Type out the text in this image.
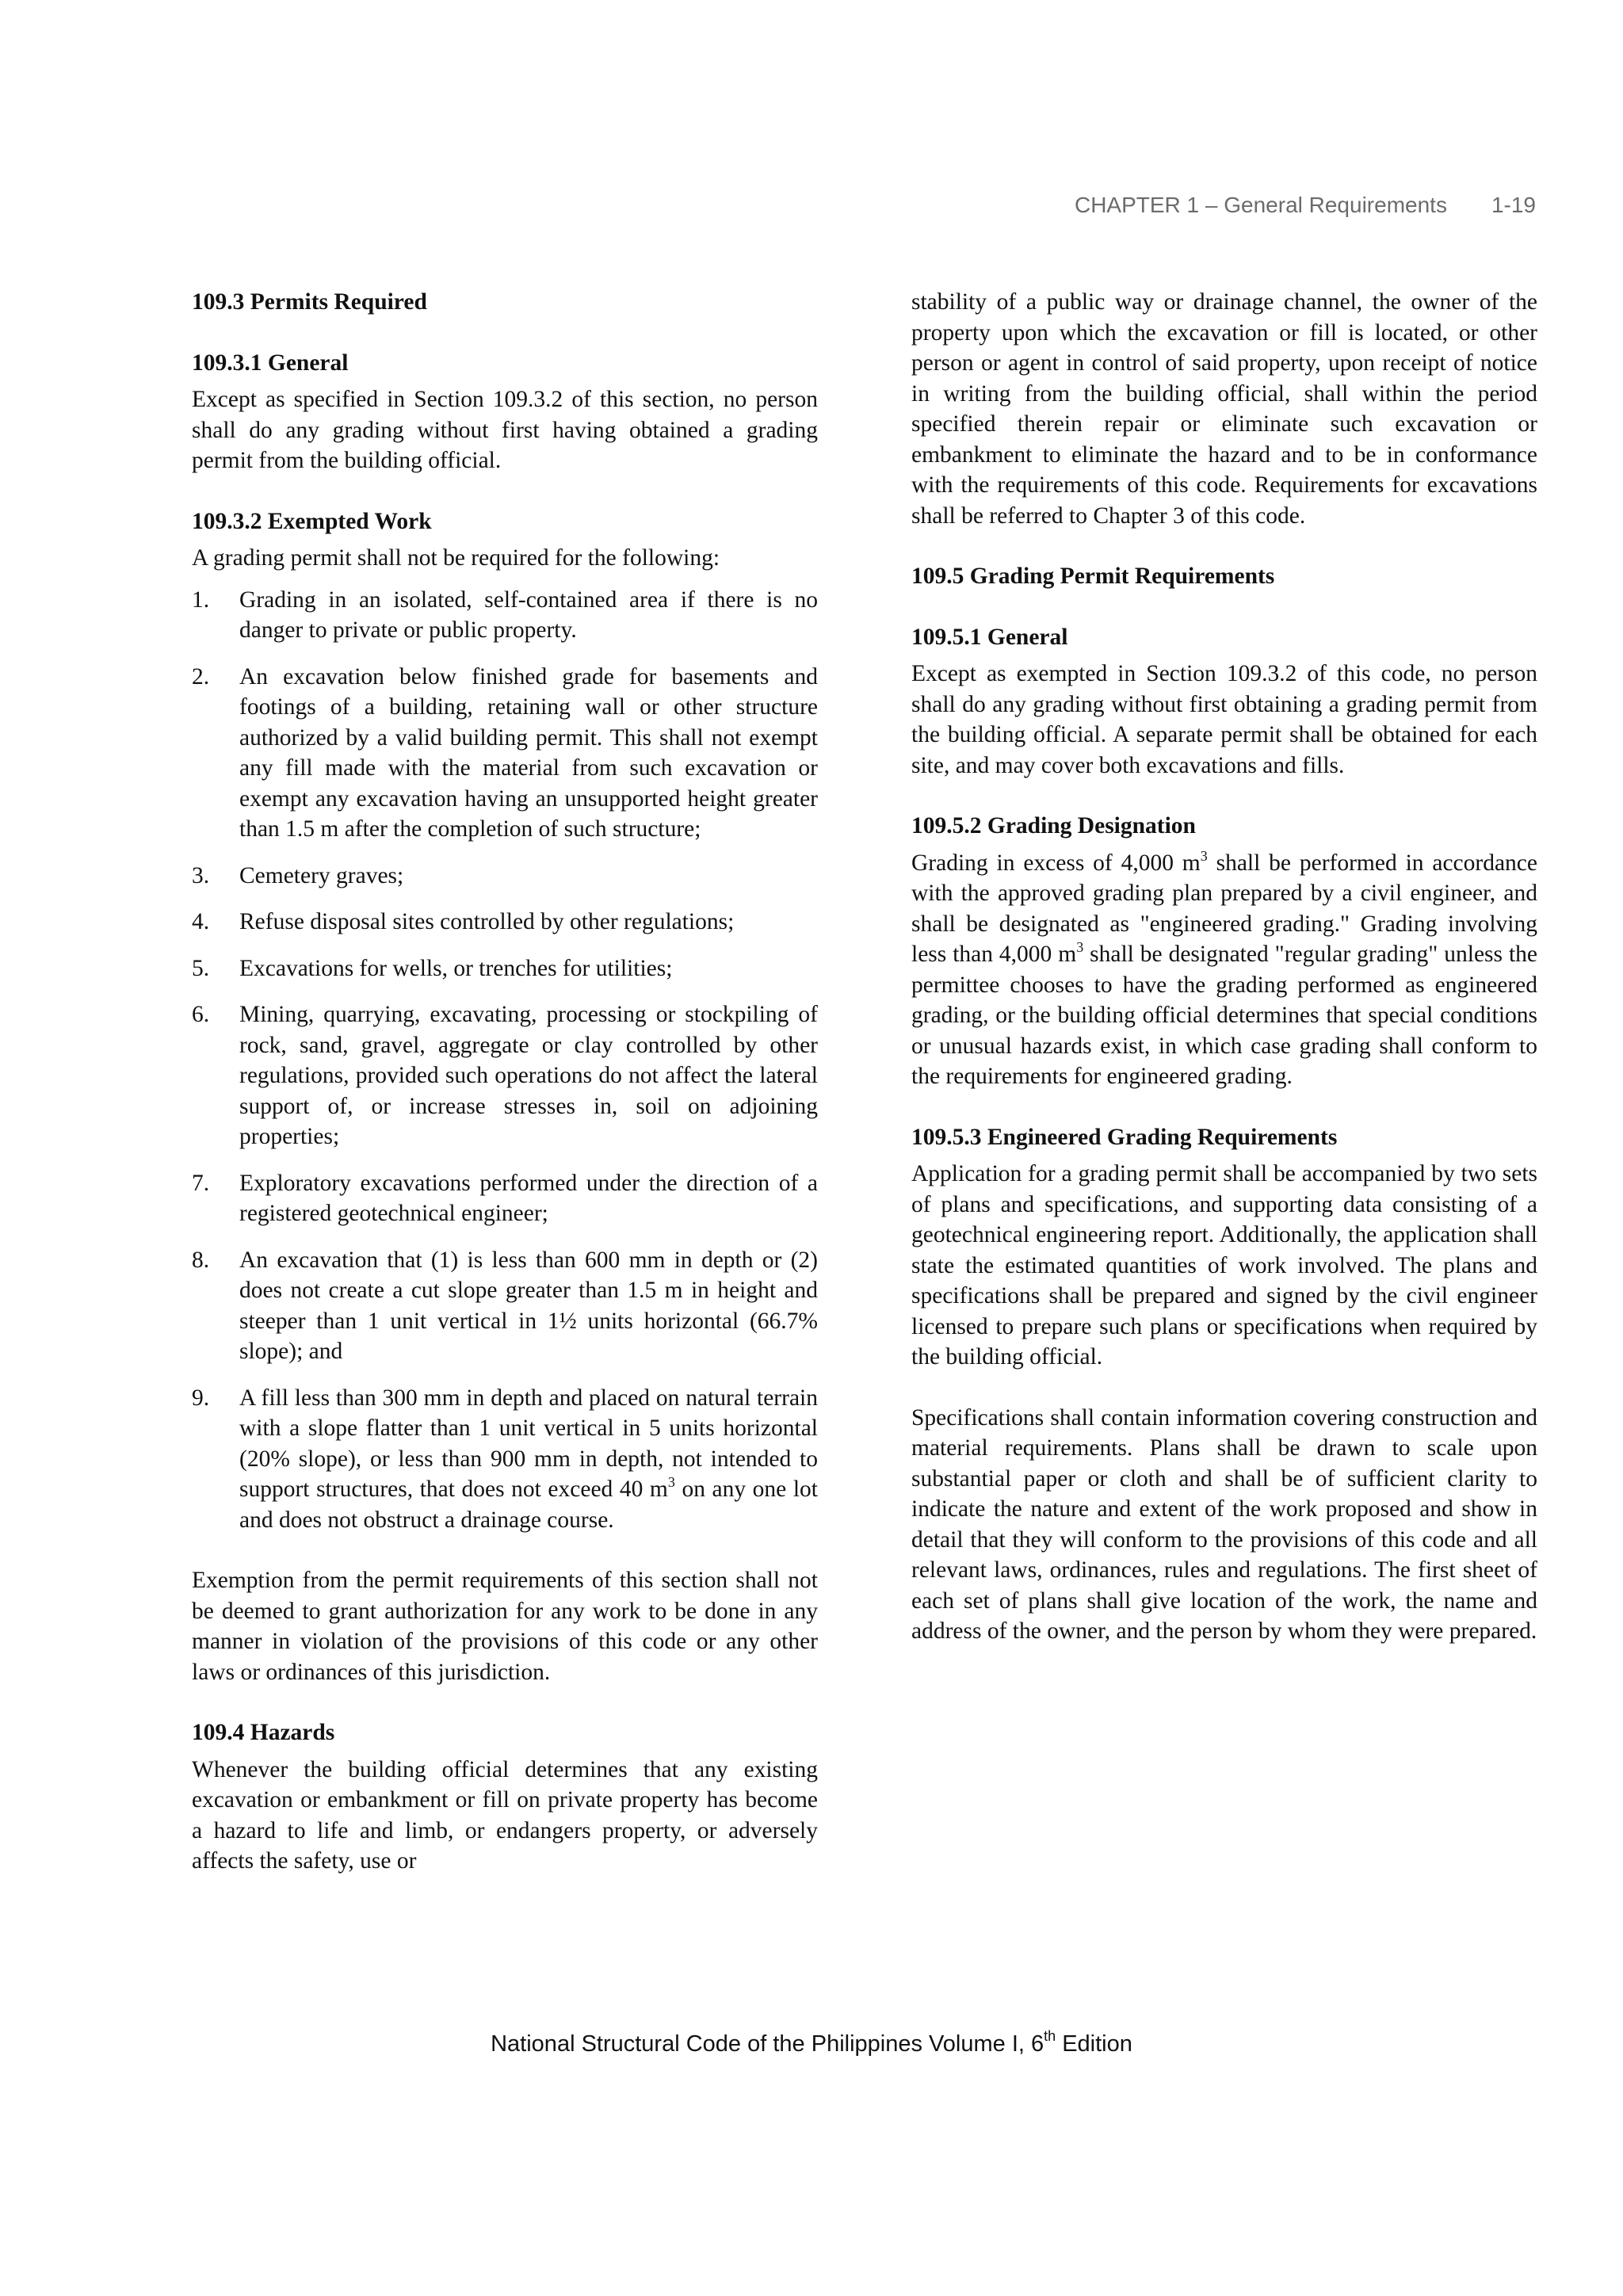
CHAPTER 1 – General Requirements 1-19
109.3 Permits Required
109.3.1 General

Except as specified in Section 109.3.2 of this section, no person shall do any grading without first having obtained a grading permit from the building official.

109.3.2 Exempted Work

A grading permit shall not be required for the following:

1. Grading in an isolated, self-contained area if there is no danger to private or public property.
2. An excavation below finished grade for basements and footings of a building, retaining wall or other structure authorized by a valid building permit. This shall not exempt any fill made with the material from such excavation or exempt any excavation having an unsupported height greater than 1.5 m after the completion of such structure;
3. Cemetery graves;
4. Refuse disposal sites controlled by other regulations;
5. Excavations for wells, or trenches for utilities;
6. Mining, quarrying, excavating, processing or stockpiling of rock, sand, gravel, aggregate or clay controlled by other regulations, provided such operations do not affect the lateral support of, or increase stresses in, soil on adjoining properties;
7. Exploratory excavations performed under the direction of a registered geotechnical engineer;
8. An excavation that (1) is less than 600 mm in depth or (2) does not create a cut slope greater than 1.5 m in height and steeper than 1 unit vertical in 1½ units horizontal (66.7% slope); and
9. A fill less than 300 mm in depth and placed on natural terrain with a slope flatter than 1 unit vertical in 5 units horizontal (20% slope), or less than 900 mm in depth, not intended to support structures, that does not exceed 40 $m^3$ on any one lot and does not obstruct a drainage course.

Exemption from the permit requirements of this section shall not be deemed to grant authorization for any work to be done in any manner in violation of the provisions of this code or any other laws or ordinances of this jurisdiction.

109.4 Hazards

Whenever the building official determines that any existing excavation or embankment or fill on private property has become a hazard to life and limb, or endangers property, or adversely affects the safety, use or

stability of a public way or drainage channel, the owner of the property upon which the excavation or fill is located, or other person or agent in control of said property, upon receipt of notice in writing from the building official, shall within the period specified therein repair or eliminate such excavation or embankment to eliminate the hazard and to be in conformance with the requirements of this code. Requirements for excavations shall be referred to Chapter 3 of this code.

109.5 Grading Permit Requirements
109.5.1 General

Except as exempted in Section 109.3.2 of this code, no person shall do any grading without first obtaining a grading permit from the building official. A separate permit shall be obtained for each site, and may cover both excavations and fills.

109.5.2 Grading Designation

Grading in excess of 4,000 $m^3$ shall be performed in accordance with the approved grading plan prepared by a civil engineer, and shall be designated as "engineered grading." Grading involving less than 4,000 $m^3$ shall be designated "regular grading" unless the permittee chooses to have the grading performed as engineered grading, or the building official determines that special conditions or unusual hazards exist, in which case grading shall conform to the requirements for engineered grading.

109.5.3 Engineered Grading Requirements

Application for a grading permit shall be accompanied by two sets of plans and specifications, and supporting data consisting of a geotechnical engineering report. Additionally, the application shall state the estimated quantities of work involved. The plans and specifications shall be prepared and signed by the civil engineer licensed to prepare such plans or specifications when required by the building official.

Specifications shall contain information covering construction and material requirements. Plans shall be drawn to scale upon substantial paper or cloth and shall be of sufficient clarity to indicate the nature and extent of the work proposed and show in detail that they will conform to the provisions of this code and all relevant laws, ordinances, rules and regulations. The first sheet of each set of plans shall give location of the work, the name and address of the owner, and the person by whom they were prepared.

National Structural Code of the Philippines Volume I, 6th Edition
